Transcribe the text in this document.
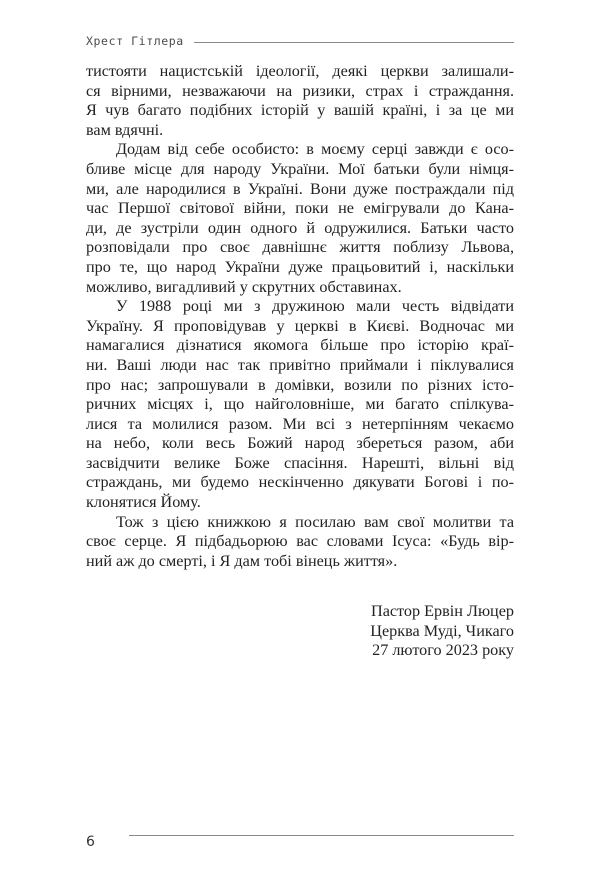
Хрест Гітлера

тистояти нацистській ідеології, деякі церкви залишали-
ся вірними, незважаючи на ризики, страх і страждання.
Я чув багато подібних історій у вашій країні, і за це ми
вам вдячні.

Додам від себе особисто: в моєму серці завжди є осо-
бливе місце для народу України. Мої батьки були німця-
ми, але народилися в Україні. Вони дуже постраждали під
час Першої світової війни, поки не емігрували до Кана-
ди, де зустріли один одного й одружилися. Батьки часто
розповідали про своє давнішнє життя поблизу Львова,
про те, що народ України дуже працьовитий і, наскільки
можливо, вигадливий у скрутних обставинах.

У 1988 році ми з дружиною мали честь відвідати
Україну. Я проповідував у церкві в Києві. Водночас ми
намагалися дізнатися якомога більше про історію краї-
ни. Ваші люди нас так привітно приймали і піклувалися
про нас; запрошували в домівки, возили по різних істо-
ричних місцях і, що найголовніше, ми багато спілкува-
лися та молилися разом. Ми всі з нетерпінням чекаємо
на небо, коли весь Божий народ збереться разом, аби
засвідчити велике Боже спасіння. Нарешті, вільні від
страждань, ми будемо нескінченно дякувати Богові і по-
клонятися Йому.

Тож з цією книжкою я посилаю вам свої молитви та
своє серце. Я підбадьорюю вас словами Ісуса: «Будь вір-
ний аж до смерті, і Я дам тобі вінець життя».

Пастор Ервін Люцер
Церква Муді, Чикаго
27 лютого 2023 року
6
